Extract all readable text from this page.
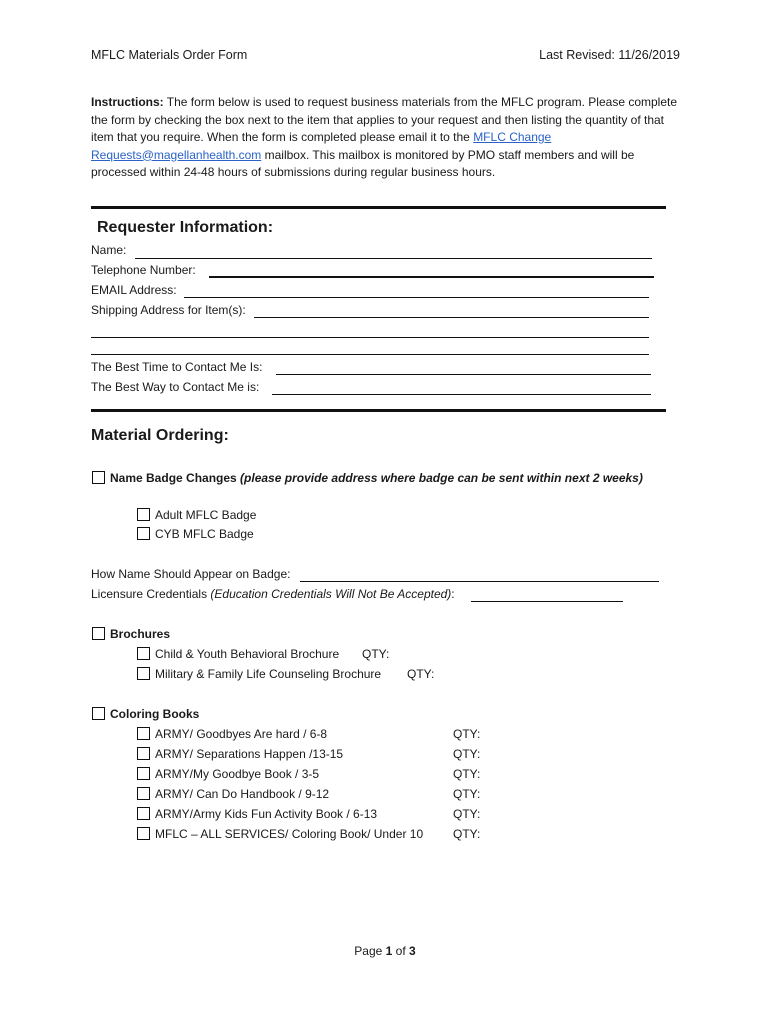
MFLC Materials Order Form	Last Revised: 11/26/2019
Instructions: The form below is used to request business materials from the MFLC program. Please complete the form by checking the box next to the item that applies to your request and then listing the quantity of that item that you require. When the form is completed please email it to the MFLC Change Requests@magellanhealth.com mailbox. This mailbox is monitored by PMO staff members and will be processed within 24-48 hours of submissions during regular business hours.
Requester Information:
Name:
Telephone Number:
EMAIL Address:
Shipping Address for Item(s):
The Best Time to Contact Me Is:
The Best Way to Contact Me is:
Material Ordering:
Name Badge Changes (please provide address where badge can be sent within next 2 weeks)
Adult MFLC Badge
CYB MFLC Badge
How Name Should Appear on Badge:
Licensure Credentials (Education Credentials Will Not Be Accepted):
Brochures
Child & Youth Behavioral Brochure QTY:
Military & Family Life Counseling Brochure QTY:
Coloring Books
ARMY/ Goodbyes Are hard / 6-8	QTY:
ARMY/ Separations Happen /13-15	QTY:
ARMY/My Goodbye Book / 3-5	QTY:
ARMY/ Can Do Handbook / 9-12	QTY:
ARMY/Army Kids Fun Activity Book / 6-13	QTY:
MFLC – ALL SERVICES/ Coloring Book/ Under 10 QTY:
Page 1 of 3
